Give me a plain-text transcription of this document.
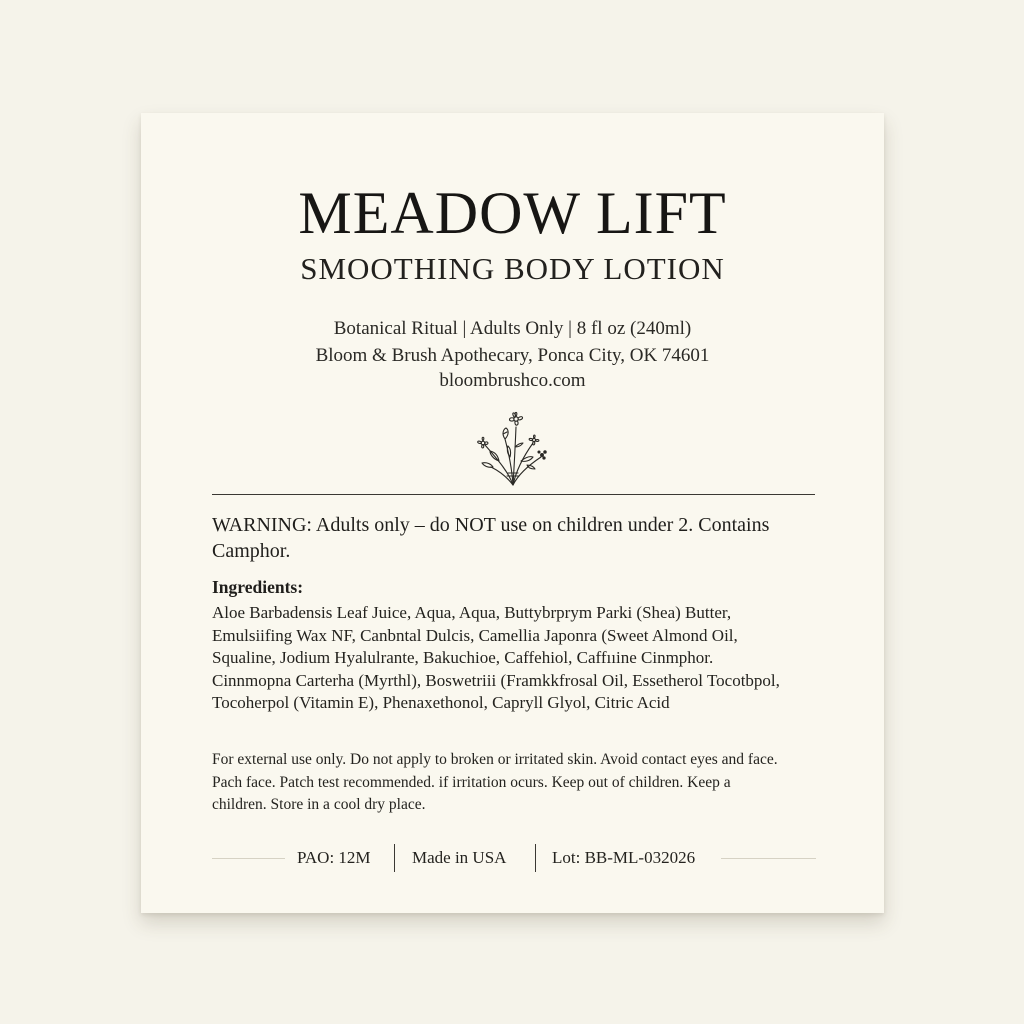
MEADOW LIFT
SMOOTHING BODY LOTION
Botanical Ritual | Adults Only | 8 fl oz (240ml)
Bloom & Brush Apothecary, Ponca City, OK 74601
bloombrushco.com
WARNING: Adults only – do NOT use on children under 2. Contains Camphor.
Ingredients:
Aloe Barbadensis Leaf Juice, Aqua, Aqua, Buttybrprym Parki (Shea) Butter,
Emulsiifing Wax NF, Canbntal Dulcis, Camellia Japonra (Sweet Almond Oil,
Squaline, Jodium Hyalulrante, Bakuchioe, Caffehiol, Caffııine Cinmphor.
Cinnmopna Carterha (Myrthl), Boswetriii (Framkkfrosal Oil, Essetherol Tocotbpol,
Tocoherpol (Vitamin E), Phenaxethonol, Capryll Glyol, Citric Acid
For external use only. Do not apply to broken or irritated skin. Avoid contact eyes and face.
Pach face. Patch test recommended. if irritation ocurs. Keep out of children. Keep a
children. Store in a cool dry place.
PAO: 12M Made in USA	Lot: BB-ML-032026
